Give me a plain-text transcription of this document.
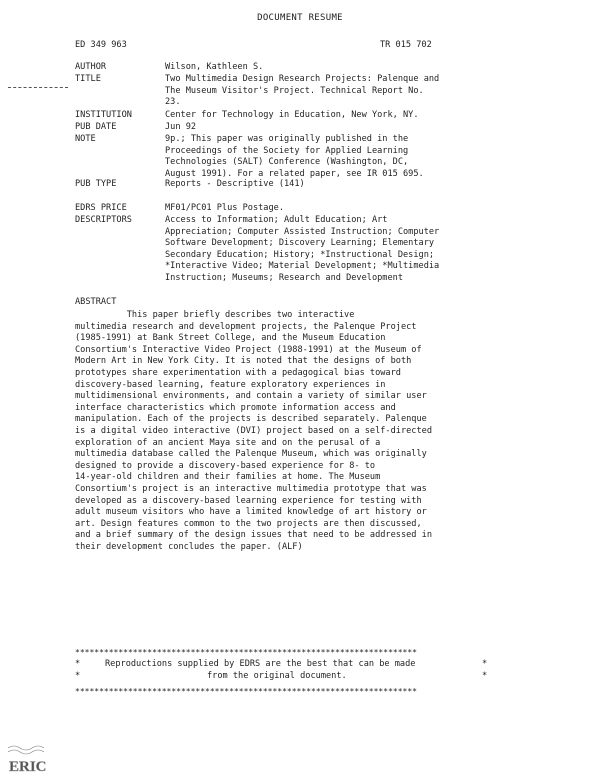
DOCUMENT RESUME
ED 349 963	TR 015 702
AUTHOR	Wilson, Kathleen S.
TITLE	Two Multimedia Design Research Projects: Palenque and
The Museum Visitor's Project. Technical Report No.
23.
INSTITUTION	Center for Technology in Education, New York, NY.
PUB DATE	Jun 92
NOTE	9p.; This paper was originally published in the
Proceedings of the Society for Applied Learning
Technologies (SALT) Conference (Washington, DC,
August 1991). For a related paper, see IR 015 695.
PUB TYPE	Reports - Descriptive (141)
EDRS PRICE	MF01/PC01 Plus Postage.
DESCRIPTORS	Access to Information; Adult Education; Art
Appreciation; Computer Assisted Instruction; Computer
Software Development; Discovery Learning; Elementary
Secondary Education; History; *Instructional Design;
*Interactive Video; Material Development; *Multimedia
Instruction; Museums; Research and Development
ABSTRACT
This paper briefly describes two interactive
multimedia research and development projects, the Palenque Project
(1985-1991) at Bank Street College, and the Museum Education
Consortium's Interactive Video Project (1988-1991) at the Museum of
Modern Art in New York City. It is noted that the designs of both
prototypes share experimentation with a pedagogical bias toward
discovery-based learning, feature exploratory experiences in
multidimensional environments, and contain a variety of similar user
interface characteristics which promote information access and
manipulation. Each of the projects is described separately. Palenque
is a digital video interactive (DVI) project based on a self-directed
exploration of an ancient Maya site and on the perusal of a
multimedia database called the Palenque Museum, which was originally
designed to provide a discovery-based experience for 8- to
14-year-old children and their families at home. The Museum
Consortium's project is an interactive multimedia prototype that was
developed as a discovery-based learning experience for testing with
adult museum visitors who have a limited knowledge of art history or
art. Design features common to the two projects are then discussed,
and a brief summary of the design issues that need to be addressed in
their development concludes the paper. (ALF)
***********************************************************************
*	Reproductions supplied by EDRS are the best that can be made	*
*	from the original document.	*
***********************************************************************
ERIC
